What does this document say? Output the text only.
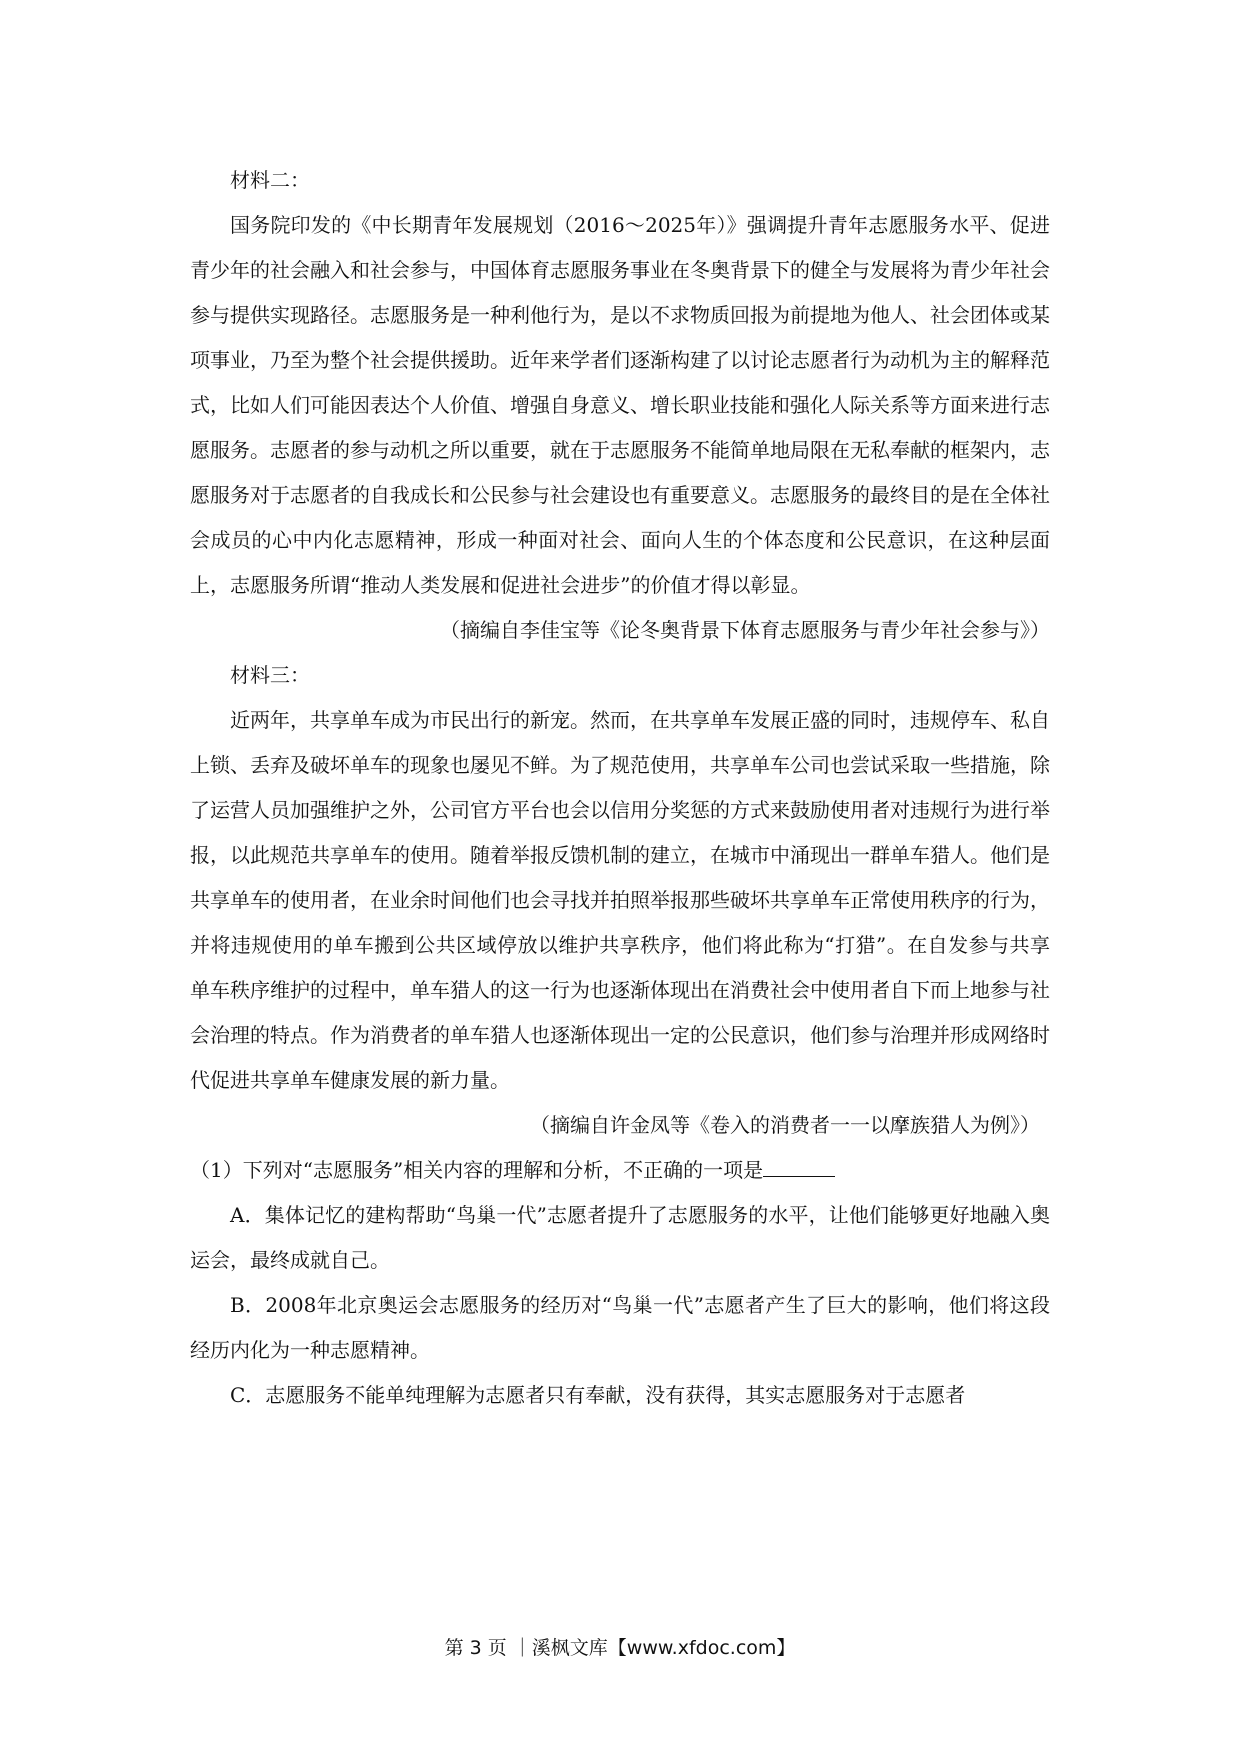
材料二：

国务院印发的《中长期青年发展规划（2016～2025年）》强调提升青年志愿服务水平、促进青少年的社会融入和社会参与，中国体育志愿服务事业在冬奥背景下的健全与发展将为青少年社会参与提供实现路径。志愿服务是一种利他行为，是以不求物质回报为前提地为他人、社会团体或某项事业，乃至为整个社会提供援助。近年来学者们逐渐构建了以讨论志愿者行为动机为主的解释范式，比如人们可能因表达个人价值、增强自身意义、增长职业技能和强化人际关系等方面来进行志愿服务。志愿者的参与动机之所以重要，就在于志愿服务不能简单地局限在无私奉献的框架内，志愿服务对于志愿者的自我成长和公民参与社会建设也有重要意义。志愿服务的最终目的是在全体社会成员的心中内化志愿精神，形成一种面对社会、面向人生的个体态度和公民意识，在这种层面上，志愿服务所谓“推动人类发展和促进社会进步”的价值才得以彰显。

（摘编自李佳宝等《论冬奥背景下体育志愿服务与青少年社会参与》）

材料三：

近两年，共享单车成为市民出行的新宠。然而，在共享单车发展正盛的同时，违规停车、私自上锁、丢弃及破坏单车的现象也屡见不鲜。为了规范使用，共享单车公司也尝试采取一些措施，除了运营人员加强维护之外，公司官方平台也会以信用分奖惩的方式来鼓励使用者对违规行为进行举报，以此规范共享单车的使用。随着举报反馈机制的建立，在城市中涌现出一群单车猎人。他们是共享单车的使用者，在业余时间他们也会寻找并拍照举报那些破坏共享单车正常使用秩序的行为，并将违规使用的单车搬到公共区域停放以维护共享秩序，他们将此称为“打猎”。在自发参与共享单车秩序维护的过程中，单车猎人的这一行为也逐渐体现出在消费社会中使用者自下而上地参与社会治理的特点。作为消费者的单车猎人也逐渐体现出一定的公民意识，他们参与治理并形成网络时代促进共享单车健康发展的新力量。

（摘编自许金凤等《卷入的消费者一一以摩族猎人为例》）

（1）下列对“志愿服务”相关内容的理解和分析，不正确的一项是

A．集体记忆的建构帮助“鸟巢一代”志愿者提升了志愿服务的水平，让他们能够更好地融入奥运会，最终成就自己。

B．2008年北京奥运会志愿服务的经历对“鸟巢一代”志愿者产生了巨大的影响，他们将这段经历内化为一种志愿精神。

C．志愿服务不能单纯理解为志愿者只有奉献，没有获得，其实志愿服务对于志愿者

第 3 页 ｜溪枫文库【www.xfdoc.com】
